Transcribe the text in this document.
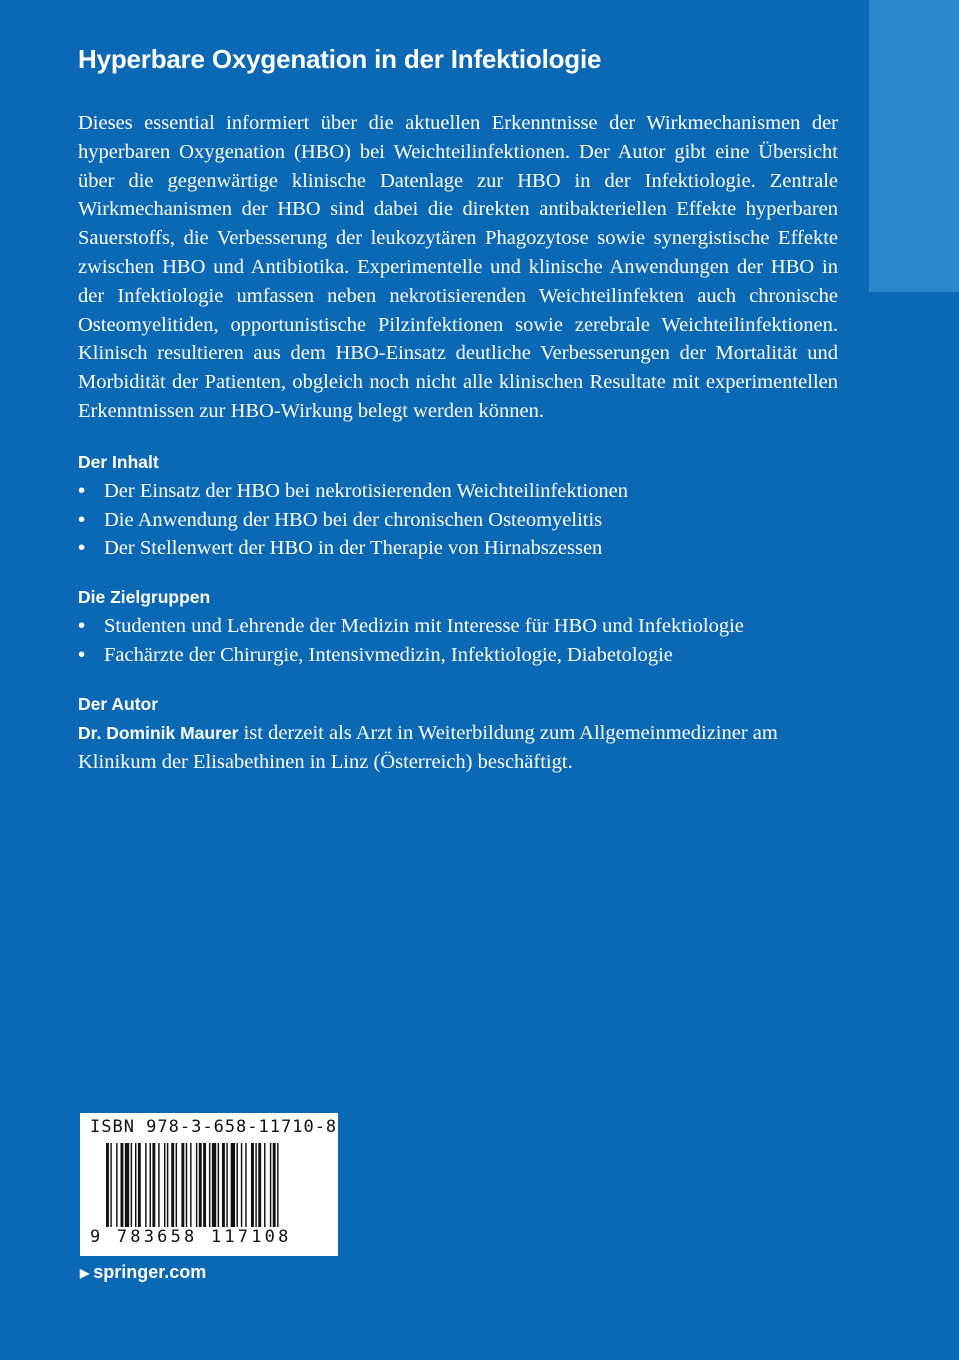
Hyperbare Oxygenation in der Infektiologie

Dieses essential informiert über die aktuellen Erkenntnisse der Wirkmechanismen der hyperbaren Oxygenation (HBO) bei Weichteilinfektionen. Der Autor gibt eine Übersicht über die gegenwärtige klinische Datenlage zur HBO in der Infektiologie. Zentrale Wirkmechanismen der HBO sind dabei die direkten antibakteriellen Effekte hyperbaren Sauerstoffs, die Verbesserung der leukozytären Phagozytose sowie synergistische Effekte zwischen HBO und Antibiotika. Experimentelle und klinische Anwendungen der HBO in der Infektiologie umfassen neben nekrotisierenden Weichteilinfekten auch chronische Osteomyelitiden, opportunistische Pilzinfektionen sowie zerebrale Weichteilinfektionen. Klinisch resultieren aus dem HBO-Einsatz deutliche Verbesserungen der Mortalität und Morbidität der Patienten, obgleich noch nicht alle klinischen Resultate mit experimentellen Erkenntnissen zur HBO-Wirkung belegt werden können.

Der Inhalt
• Der Einsatz der HBO bei nekrotisierenden Weichteilinfektionen
• Die Anwendung der HBO bei der chronischen Osteomyelitis
• Der Stellenwert der HBO in der Therapie von Hirnabszessen
Die Zielgruppen
• Studenten und Lehrende der Medizin mit Interesse für HBO und Infektiologie
• Fachärzte der Chirurgie, Intensivmedizin, Infektiologie, Diabetologie
Der Autor

Dr. Dominik Maurer ist derzeit als Arzt in Weiterbildung zum Allgemeinmediziner am Klinikum der Elisabethinen in Linz (Österreich) beschäftigt.

ISBN 978-3-658-11710-8
9 783658 117108
▶ springer.com
